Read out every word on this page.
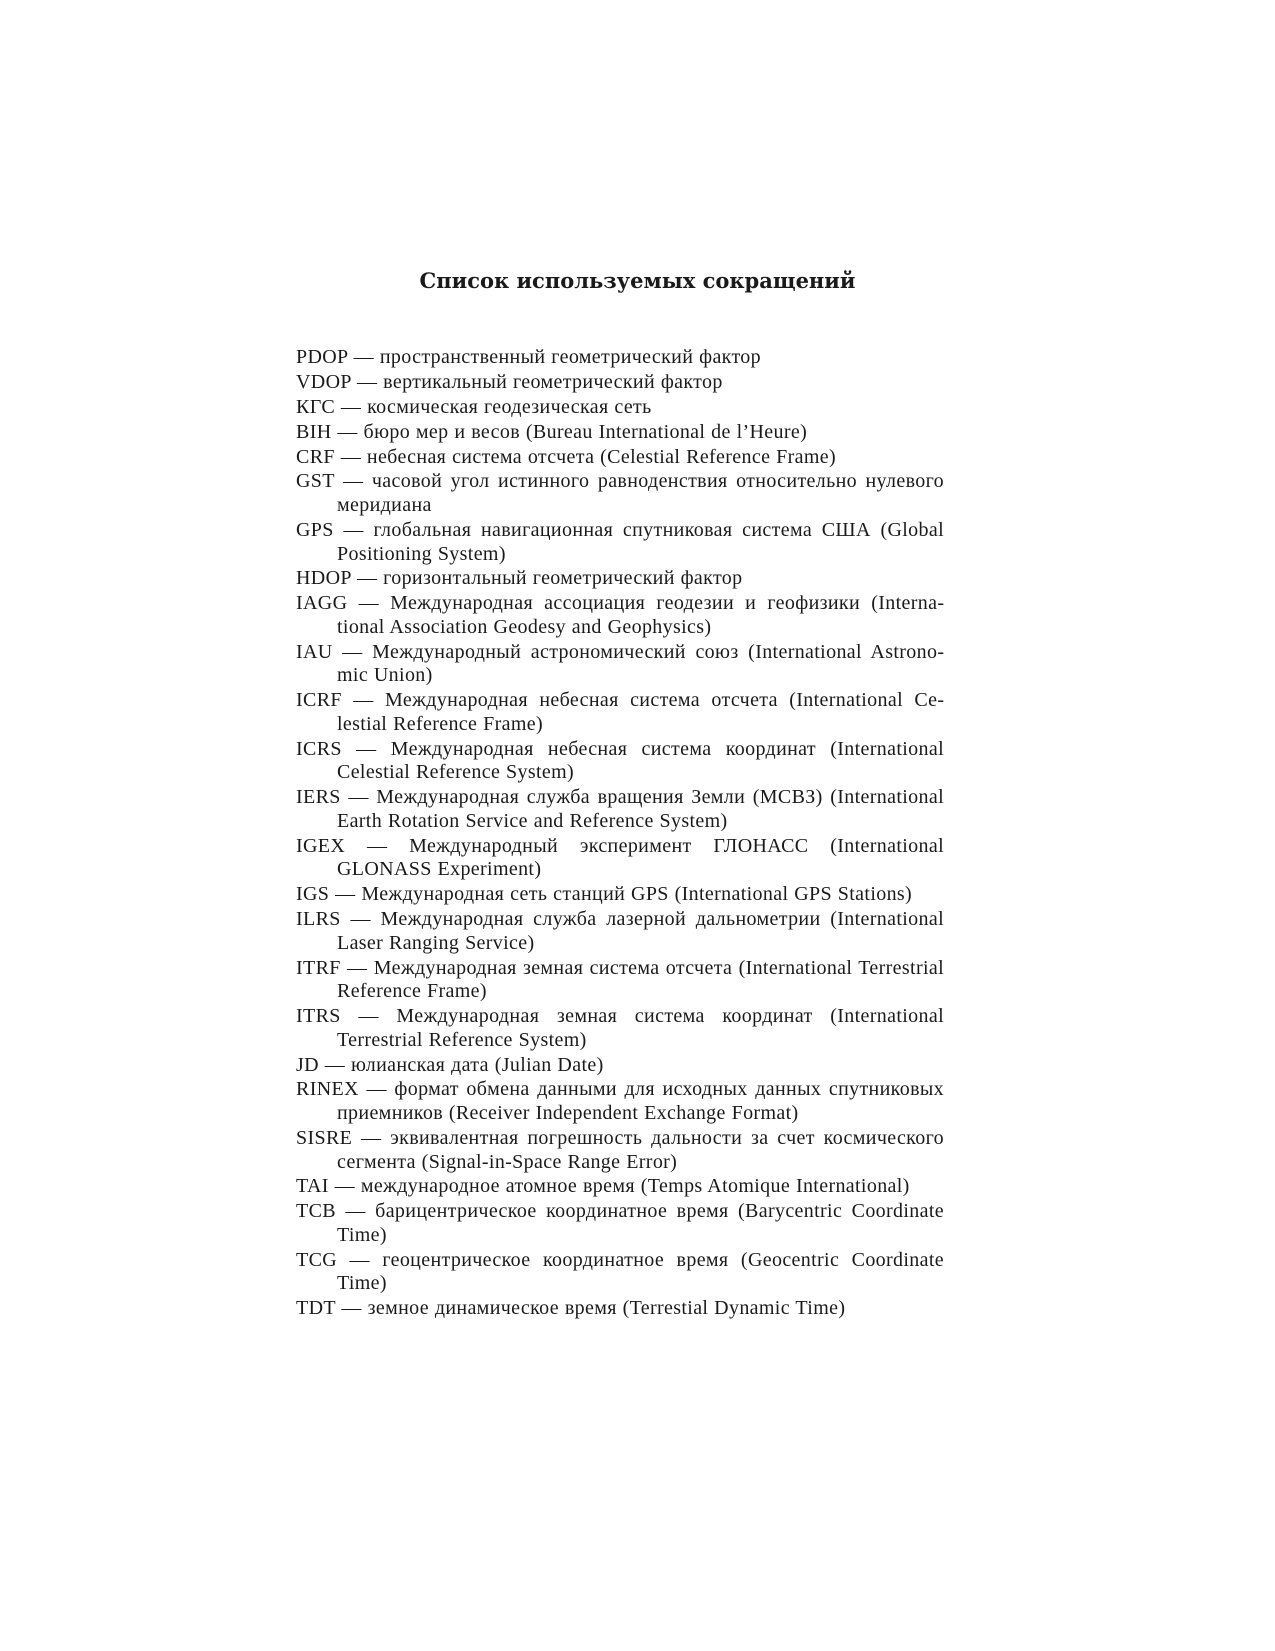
Список используемых сокращений
PDOP — пространственный геометрический фактор
VDOP — вертикальный геометрический фактор
КГС — космическая геодезическая сеть
BIH — бюро мер и весов (Bureau International de l’Heure)
CRF — небесная система отсчета (Celestial Reference Frame)
GST — часовой угол истинного равноденствия относительно нулевого меридиана
GPS — глобальная навигационная спутниковая система США (Global Positioning System)
HDOP — горизонтальный геометрический фактор
IAGG — Международная ассоциация геодезии и геофизики (International Association Geodesy and Geophysics)
IAU — Международный астрономический союз (International Astronomic Union)
ICRF — Международная небесная система отсчета (International Celestial Reference Frame)
ICRS — Международная небесная система координат (International Celestial Reference System)
IERS — Международная служба вращения Земли (МСВЗ) (International Earth Rotation Service and Reference System)
IGEX — Международный эксперимент ГЛОНАСС (International GLONASS Experiment)
IGS — Международная сеть станций GPS (International GPS Stations)
ILRS — Международная служба лазерной дальнометрии (International Laser Ranging Service)
ITRF — Международная земная система отсчета (International Terrestrial Reference Frame)
ITRS — Международная земная система координат (International Terrestrial Reference System)
JD — юлианская дата (Julian Date)
RINEX — формат обмена данными для исходных данных спутниковых приемников (Receiver Independent Exchange Format)
SISRE — эквивалентная погрешность дальности за счет космического сегмента (Signal-in-Space Range Error)
TAI — международное атомное время (Temps Atomique International)
TCB — барицентрическое координатное время (Barycentric Coordinate Time)
TCG — геоцентрическое координатное время (Geocentric Coordinate Time)
TDT — земное динамическое время (Terrestial Dynamic Time)
